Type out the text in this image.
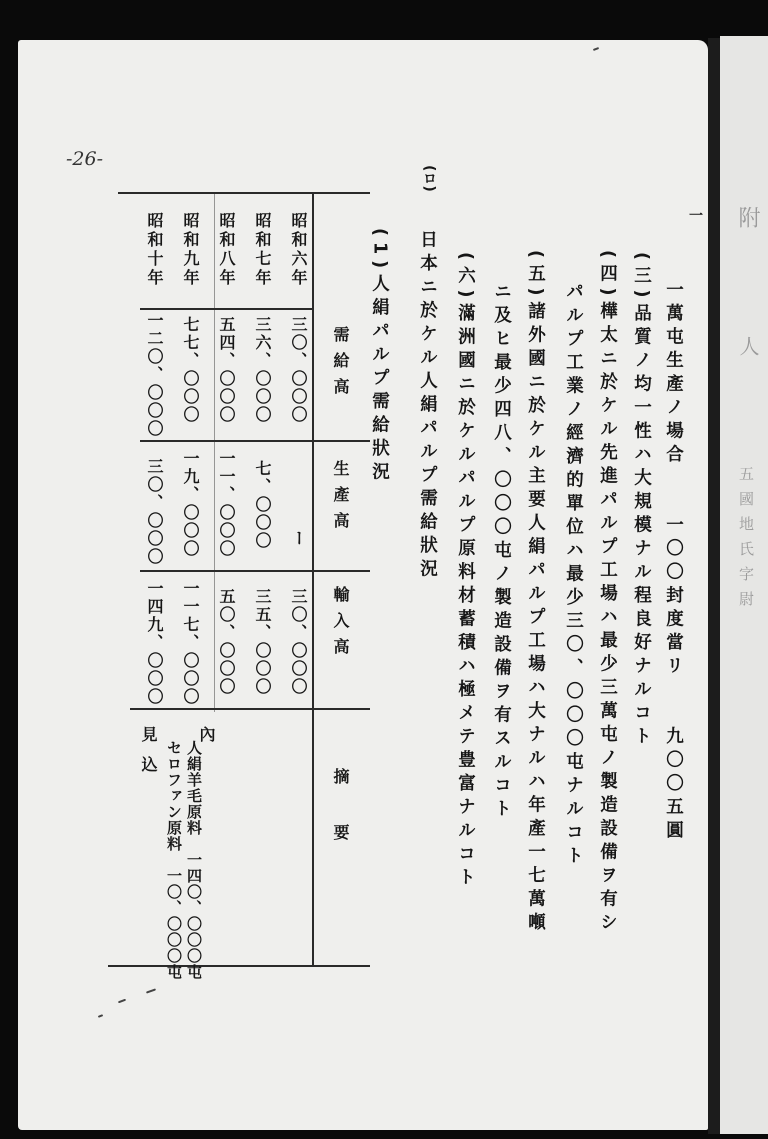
-26-
一
一萬屯生產ノ場合　　一〇〇封度當リ　　九〇〇五圓
(三)品質ノ均一性ハ大規模ナル程良好ナルコト
(四)樺太ニ於ケル先進パルプ工場ハ最少三萬屯ノ製造設備ヲ有シ
パルプ工業ノ經濟的單位ハ最少三〇、〇〇〇屯ナルコト
(五)諸外國ニ於ケル主要人絹パルプ工場ハ大ナルハ年產一七萬噸
ニ及ヒ最少四八、〇〇〇屯ノ製造設備ヲ有スルコト
(六)滿洲國ニ於ケルパルプ原料材蓄積ハ極メテ豊富ナルコト
(ロ)
日本ニ於ケル人絹パルプ需給狀況
(1)人絹パルプ需給狀況
需給高
生產高
輸入高
摘要
昭和六年
三〇、〇〇〇
ー
三〇、〇〇〇
昭和七年
三六、〇〇〇
七、〇〇〇
三五、〇〇〇
昭和八年
五四、〇〇〇
一一、〇〇〇
五〇、〇〇〇
昭和九年
七七、〇〇〇
一九、〇〇〇
一一七、〇〇〇
昭和十年
一二〇、〇〇〇
三〇、〇〇〇
一四九、〇〇〇
內
人絹羊毛原料　一四〇、〇〇〇屯
セロファン原料　一〇、〇〇〇屯
見込
附
人
五國地氏字尉
